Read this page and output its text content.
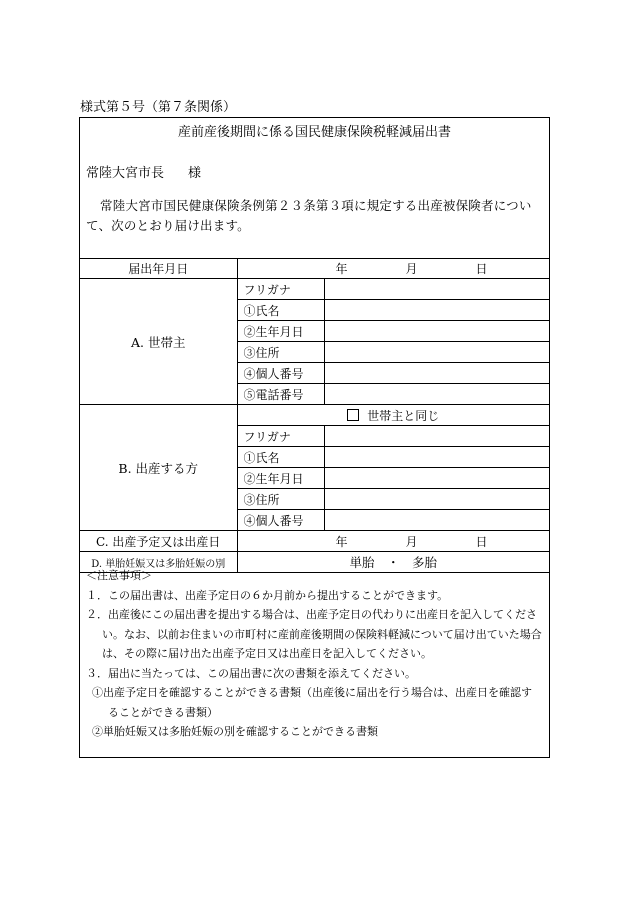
様式第５号（第７条関係）
産前産後期間に係る国民健康保険税軽減届出書
常陸大宮市長 様
常陸大宮市国民健康保険条例第２３条第３項に規定する出産被保険者について、次のとおり届け出ます。
届出年月日	年 月 日	
A. 世帯主	フリガナ	
	①氏名	
	②生年月日	
	③住所	
	④個人番号	
	⑤電話番号	
B. 出産する方	世帯主と同じ	
	フリガナ	
	①氏名	
	②生年月日	
	③住所	
	④個人番号	
C. 出産予定又は出産日	年 月 日	
D. 単胎妊娠又は多胎妊娠の別	単胎　・　多胎	
＜注意事項＞
１．この届出書は、出産予定日の６か月前から提出することができます。
２．出産後にこの届出書を提出する場合は、出産予定日の代わりに出産日を記入してくださ
い。なお、以前お住まいの市町村に産前産後期間の保険料軽減について届け出ていた場合
は、その際に届け出た出産予定日又は出産日を記入してください。
３．届出に当たっては、この届出書に次の書類を添えてください。
①出産予定日を確認することができる書類（出産後に届出を行う場合は、出産日を確認す
ることができる書類）
②単胎妊娠又は多胎妊娠の別を確認することができる書類
